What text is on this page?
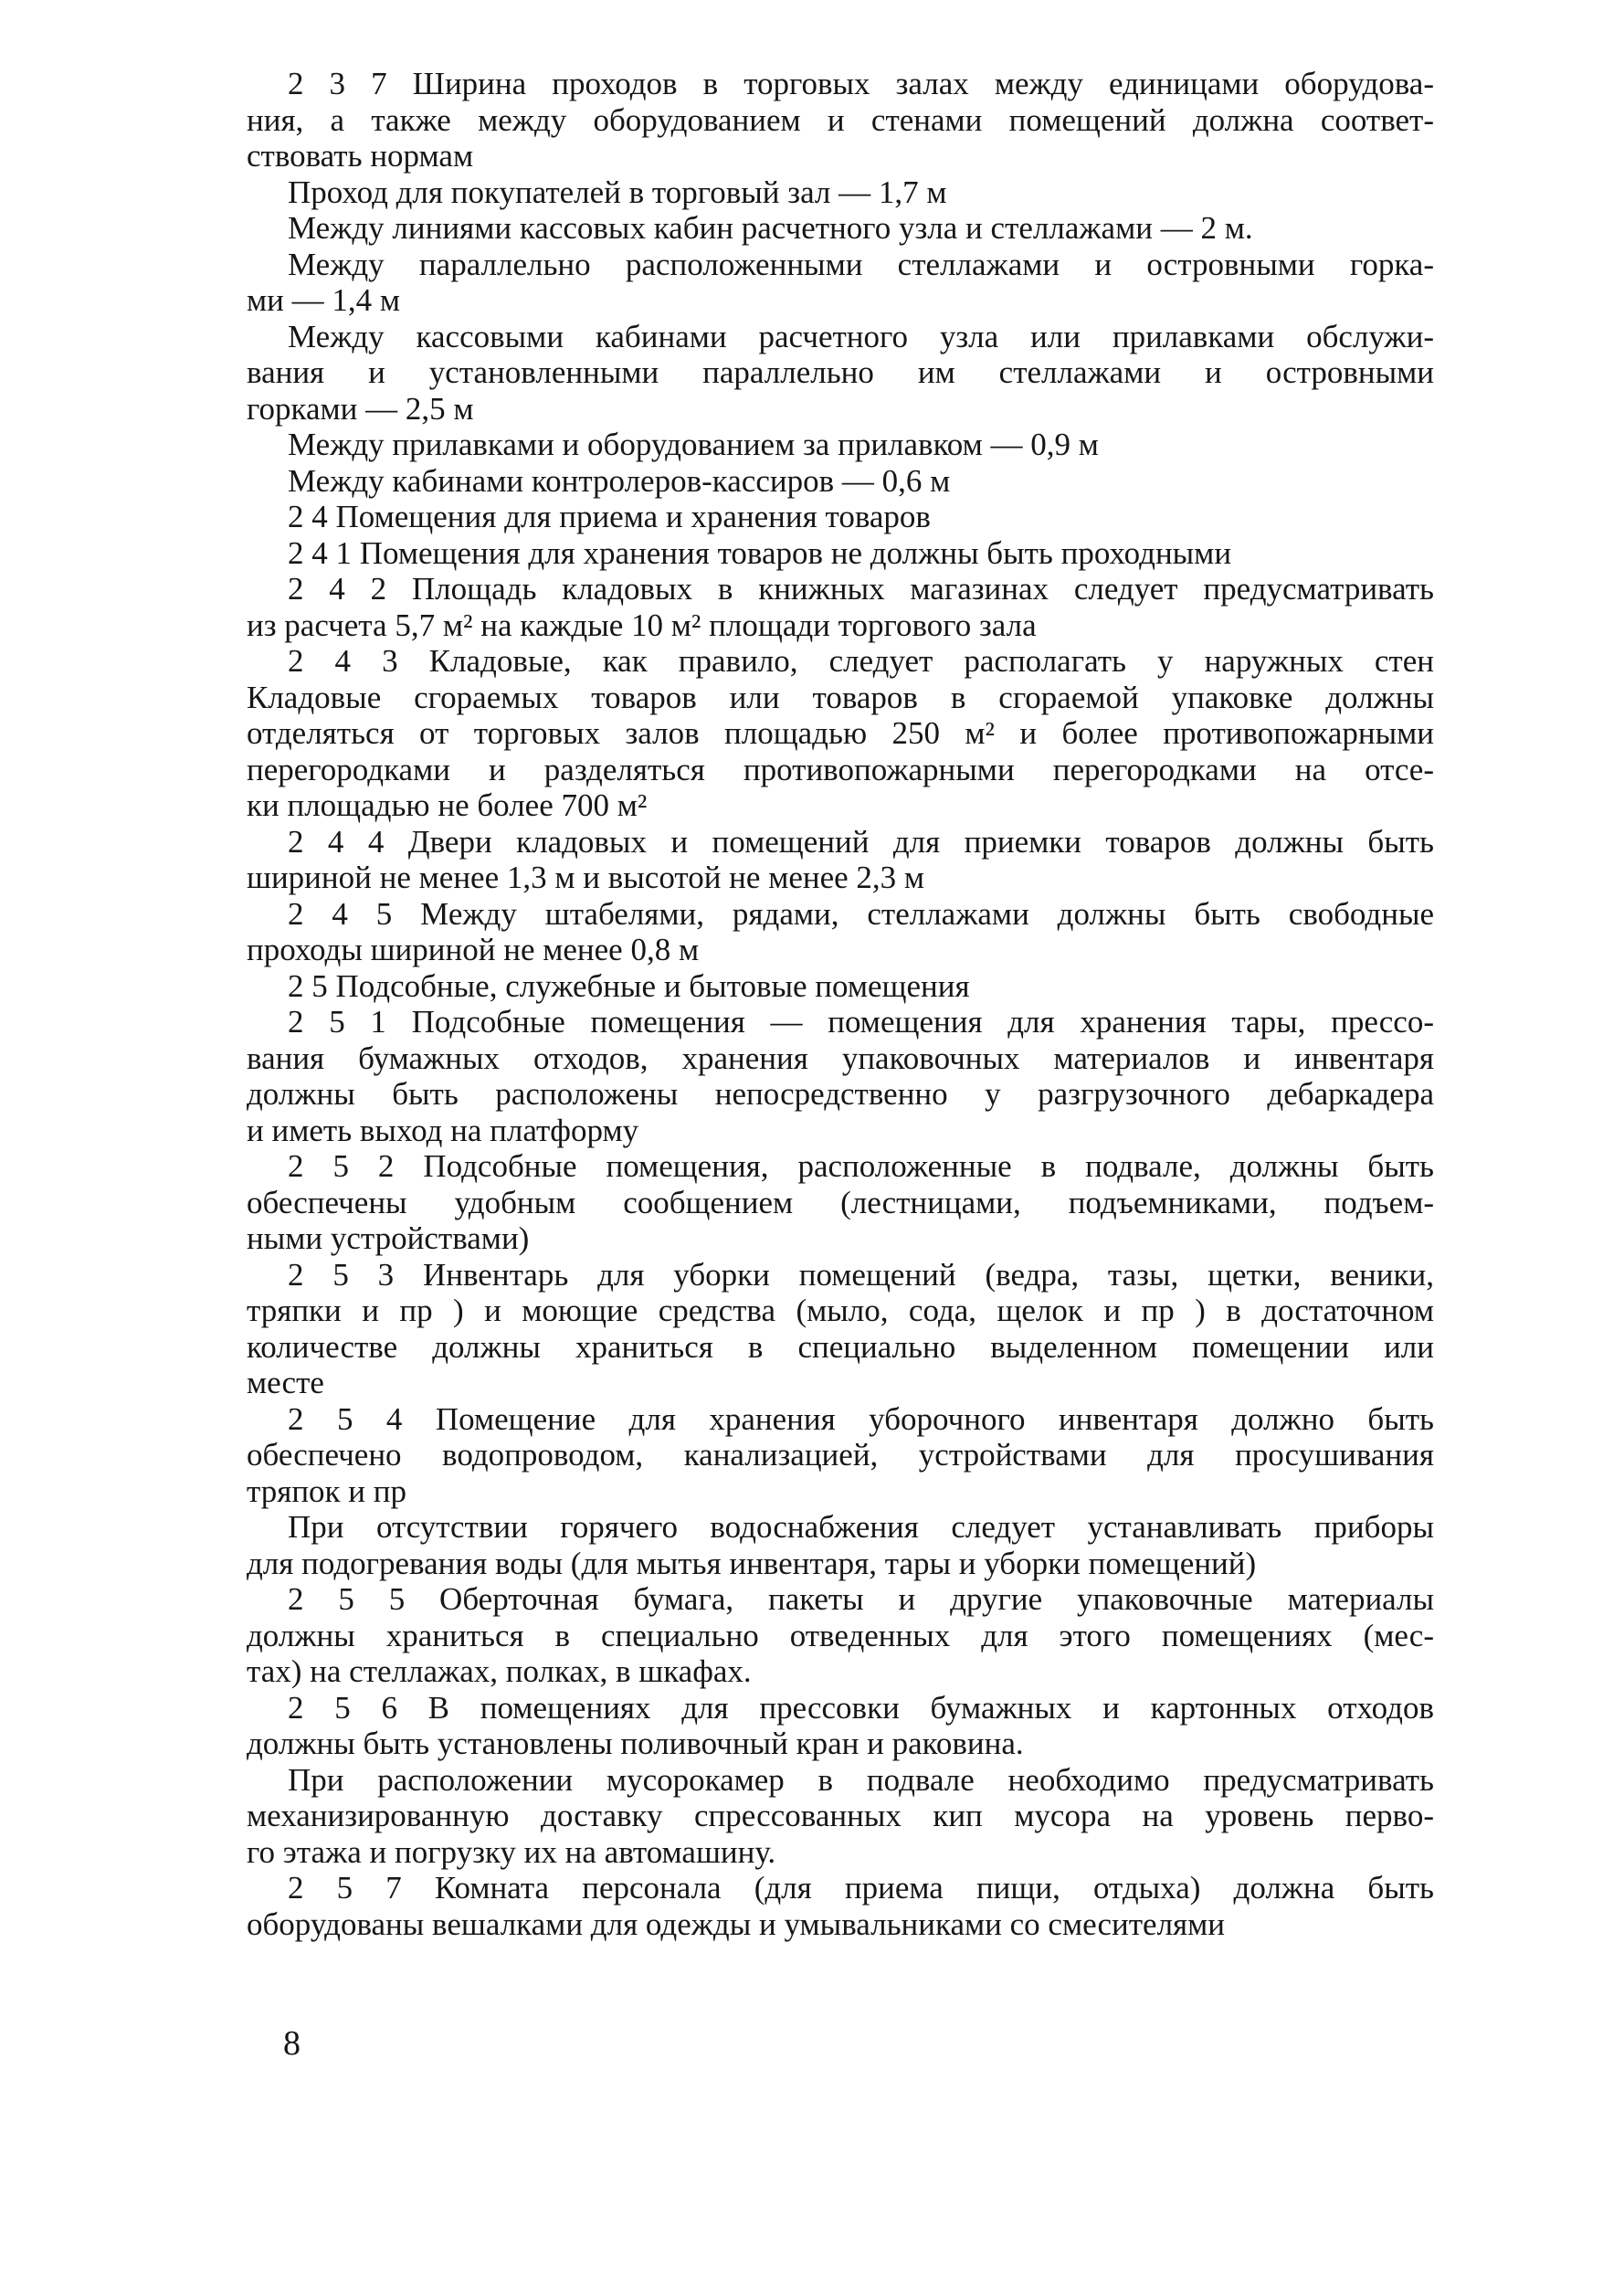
2 3 7 Ширина проходов в торговых залах между единицами оборудова-
ния, а также между оборудованием и стенами помещений должна соответ-
ствовать нормам
Проход для покупателей в торговый зал — 1,7 м
Между линиями кассовых кабин расчетного узла и стеллажами — 2 м.
Между параллельно расположенными стеллажами и островными горка-
ми — 1,4 м
Между кассовыми кабинами расчетного узла или прилавками обслужи-
вания и установленными параллельно им стеллажами и островными
горками — 2,5 м
Между прилавками и оборудованием за прилавком — 0,9 м
Между кабинами контролеров-кассиров — 0,6 м
2 4 Помещения для приема и хранения товаров
2 4 1 Помещения для хранения товаров не должны быть проходными
2 4 2 Площадь кладовых в книжных магазинах следует предусматривать
из расчета 5,7 м² на каждые 10 м² площади торгового зала
2 4 3 Кладовые, как правило, следует располагать у наружных стен
Кладовые сгораемых товаров или товаров в сгораемой упаковке должны
отделяться от торговых залов площадью 250 м² и более противопожарными
перегородками и разделяться противопожарными перегородками на отсе-
ки площадью не более 700 м²
2 4 4 Двери кладовых и помещений для приемки товаров должны быть
шириной не менее 1,3 м и высотой не менее 2,3 м
2 4 5 Между штабелями, рядами, стеллажами должны быть свободные
проходы шириной не менее 0,8 м
2 5 Подсобные, служебные и бытовые помещения
2 5 1 Подсобные помещения — помещения для хранения тары, прессо-
вания бумажных отходов, хранения упаковочных материалов и инвентаря
должны быть расположены непосредственно у разгрузочного дебаркадера
и иметь выход на платформу
2 5 2 Подсобные помещения, расположенные в подвале, должны быть
обеспечены удобным сообщением (лестницами, подъемниками, подъем-
ными устройствами)
2 5 3 Инвентарь для уборки помещений (ведра, тазы, щетки, веники,
тряпки и пр ) и моющие средства (мыло, сода, щелок и пр ) в достаточном
количестве должны храниться в специально выделенном помещении или
месте
2 5 4 Помещение для хранения уборочного инвентаря должно быть
обеспечено водопроводом, канализацией, устройствами для просушивания
тряпок и пр
При отсутствии горячего водоснабжения следует устанавливать приборы
для подогревания воды (для мытья инвентаря, тары и уборки помещений)
2 5 5 Оберточная бумага, пакеты и другие упаковочные материалы
должны храниться в специально отведенных для этого помещениях (мес-
тах) на стеллажах, полках, в шкафах.
2 5 6 В помещениях для прессовки бумажных и картонных отходов
должны быть установлены поливочный кран и раковина.
При расположении мусорокамер в подвале необходимо предусматривать
механизированную доставку спрессованных кип мусора на уровень перво-
го этажа и погрузку их на автомашину.
2 5 7 Комната персонала (для приема пищи, отдыха) должна быть
оборудованы вешалками для одежды и умывальниками со смесителями
8
